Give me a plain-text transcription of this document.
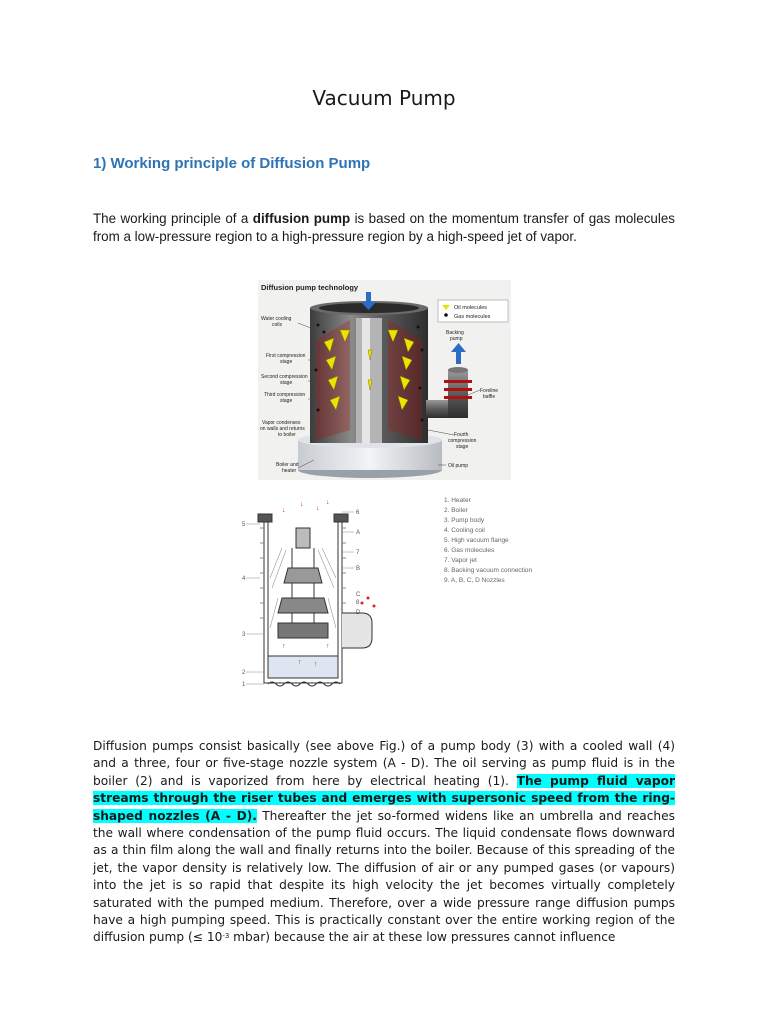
Vacuum Pump
1) Working principle of Diffusion Pump
The working principle of a diffusion pump is based on the momentum transfer of gas molecules from a low-pressure region to a high-pressure region by a high-speed jet of vapor.
Diffusion pump technology
Oil molecules
Gas molecules
Water cooling
coils
First compression
stage
Second compression
stage
Third compression
stage
Vapor condenses
on walls and returns
to boiler
Boiler and
heater
Backing
pump
Foreline
baffle
Fourth
compression
stage
Oil pump
↓
↓
↓
↓
↑ ↑
↑	↑
5
4
3
2
1
6
A
7
B
8
C
D
1. Heater
2. Boiler
3. Pump body
4. Cooling coil
5. High vacuum flange
6. Gas molecules
7. Vapor jet
8. Backing vacuum connection
9. A, B, C, D Nozzles
Diffusion pumps consist basically (see above Fig.) of a pump body (3) with a cooled wall (4) and a three, four or five-stage nozzle system (A - D). The oil serving as pump fluid is in the boiler (2) and is vaporized from here by electrical heating (1). The pump fluid vapor streams through the riser tubes and emerges with supersonic speed from the ring-shaped nozzles (A - D). Thereafter the jet so-formed widens like an umbrella and reaches the wall where condensation of the pump fluid occurs. The liquid condensate flows downward as a thin film along the wall and finally returns into the boiler. Because of this spreading of the jet, the vapor density is relatively low. The diffusion of air or any pumped gases (or vapours) into the jet is so rapid that despite its high velocity the jet becomes virtually completely saturated with the pumped medium. Therefore, over a wide pressure range diffusion pumps have a high pumping speed. This is practically constant over the entire working region of the diffusion pump (≤ $10^{-3}$ mbar) because the air at these low pressures cannot influence
